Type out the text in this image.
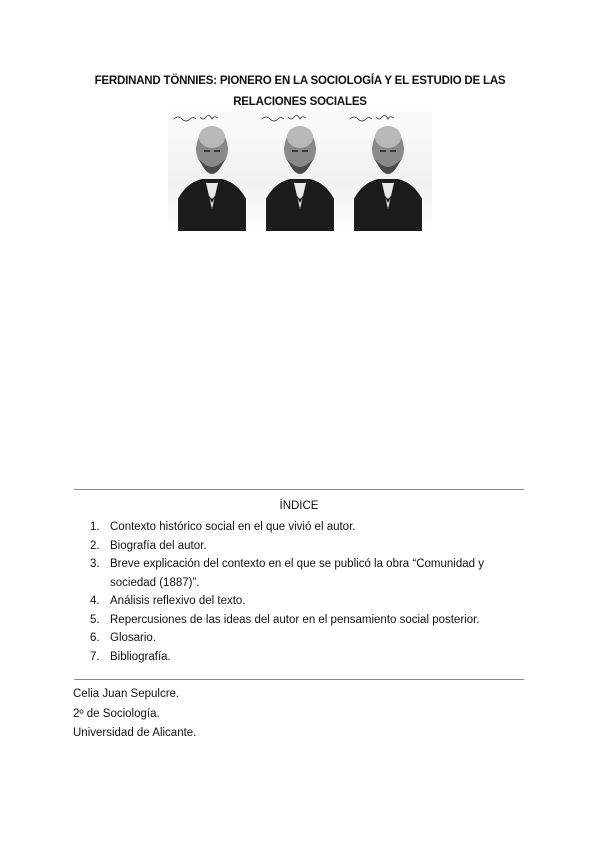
FERDINAND TÖNNIES: PIONERO EN LA SOCIOLOGÍA Y EL ESTUDIO DE LAS
RELACIONES SOCIALES
ÍNDICE
1. Contexto histórico social en el que vivió el autor.
2. Biografía del autor.
3. Breve explicación del contexto en el que se publicó la obra “Comunidad y sociedad (1887)”.
4. Análisis reflexivo del texto.
5. Repercusiones de las ideas del autor en el pensamiento social posterior.
6. Glosario.
7. Bibliografía.
Celia Juan Sepulcre.
2º de Sociología.
Universidad de Alicante.
